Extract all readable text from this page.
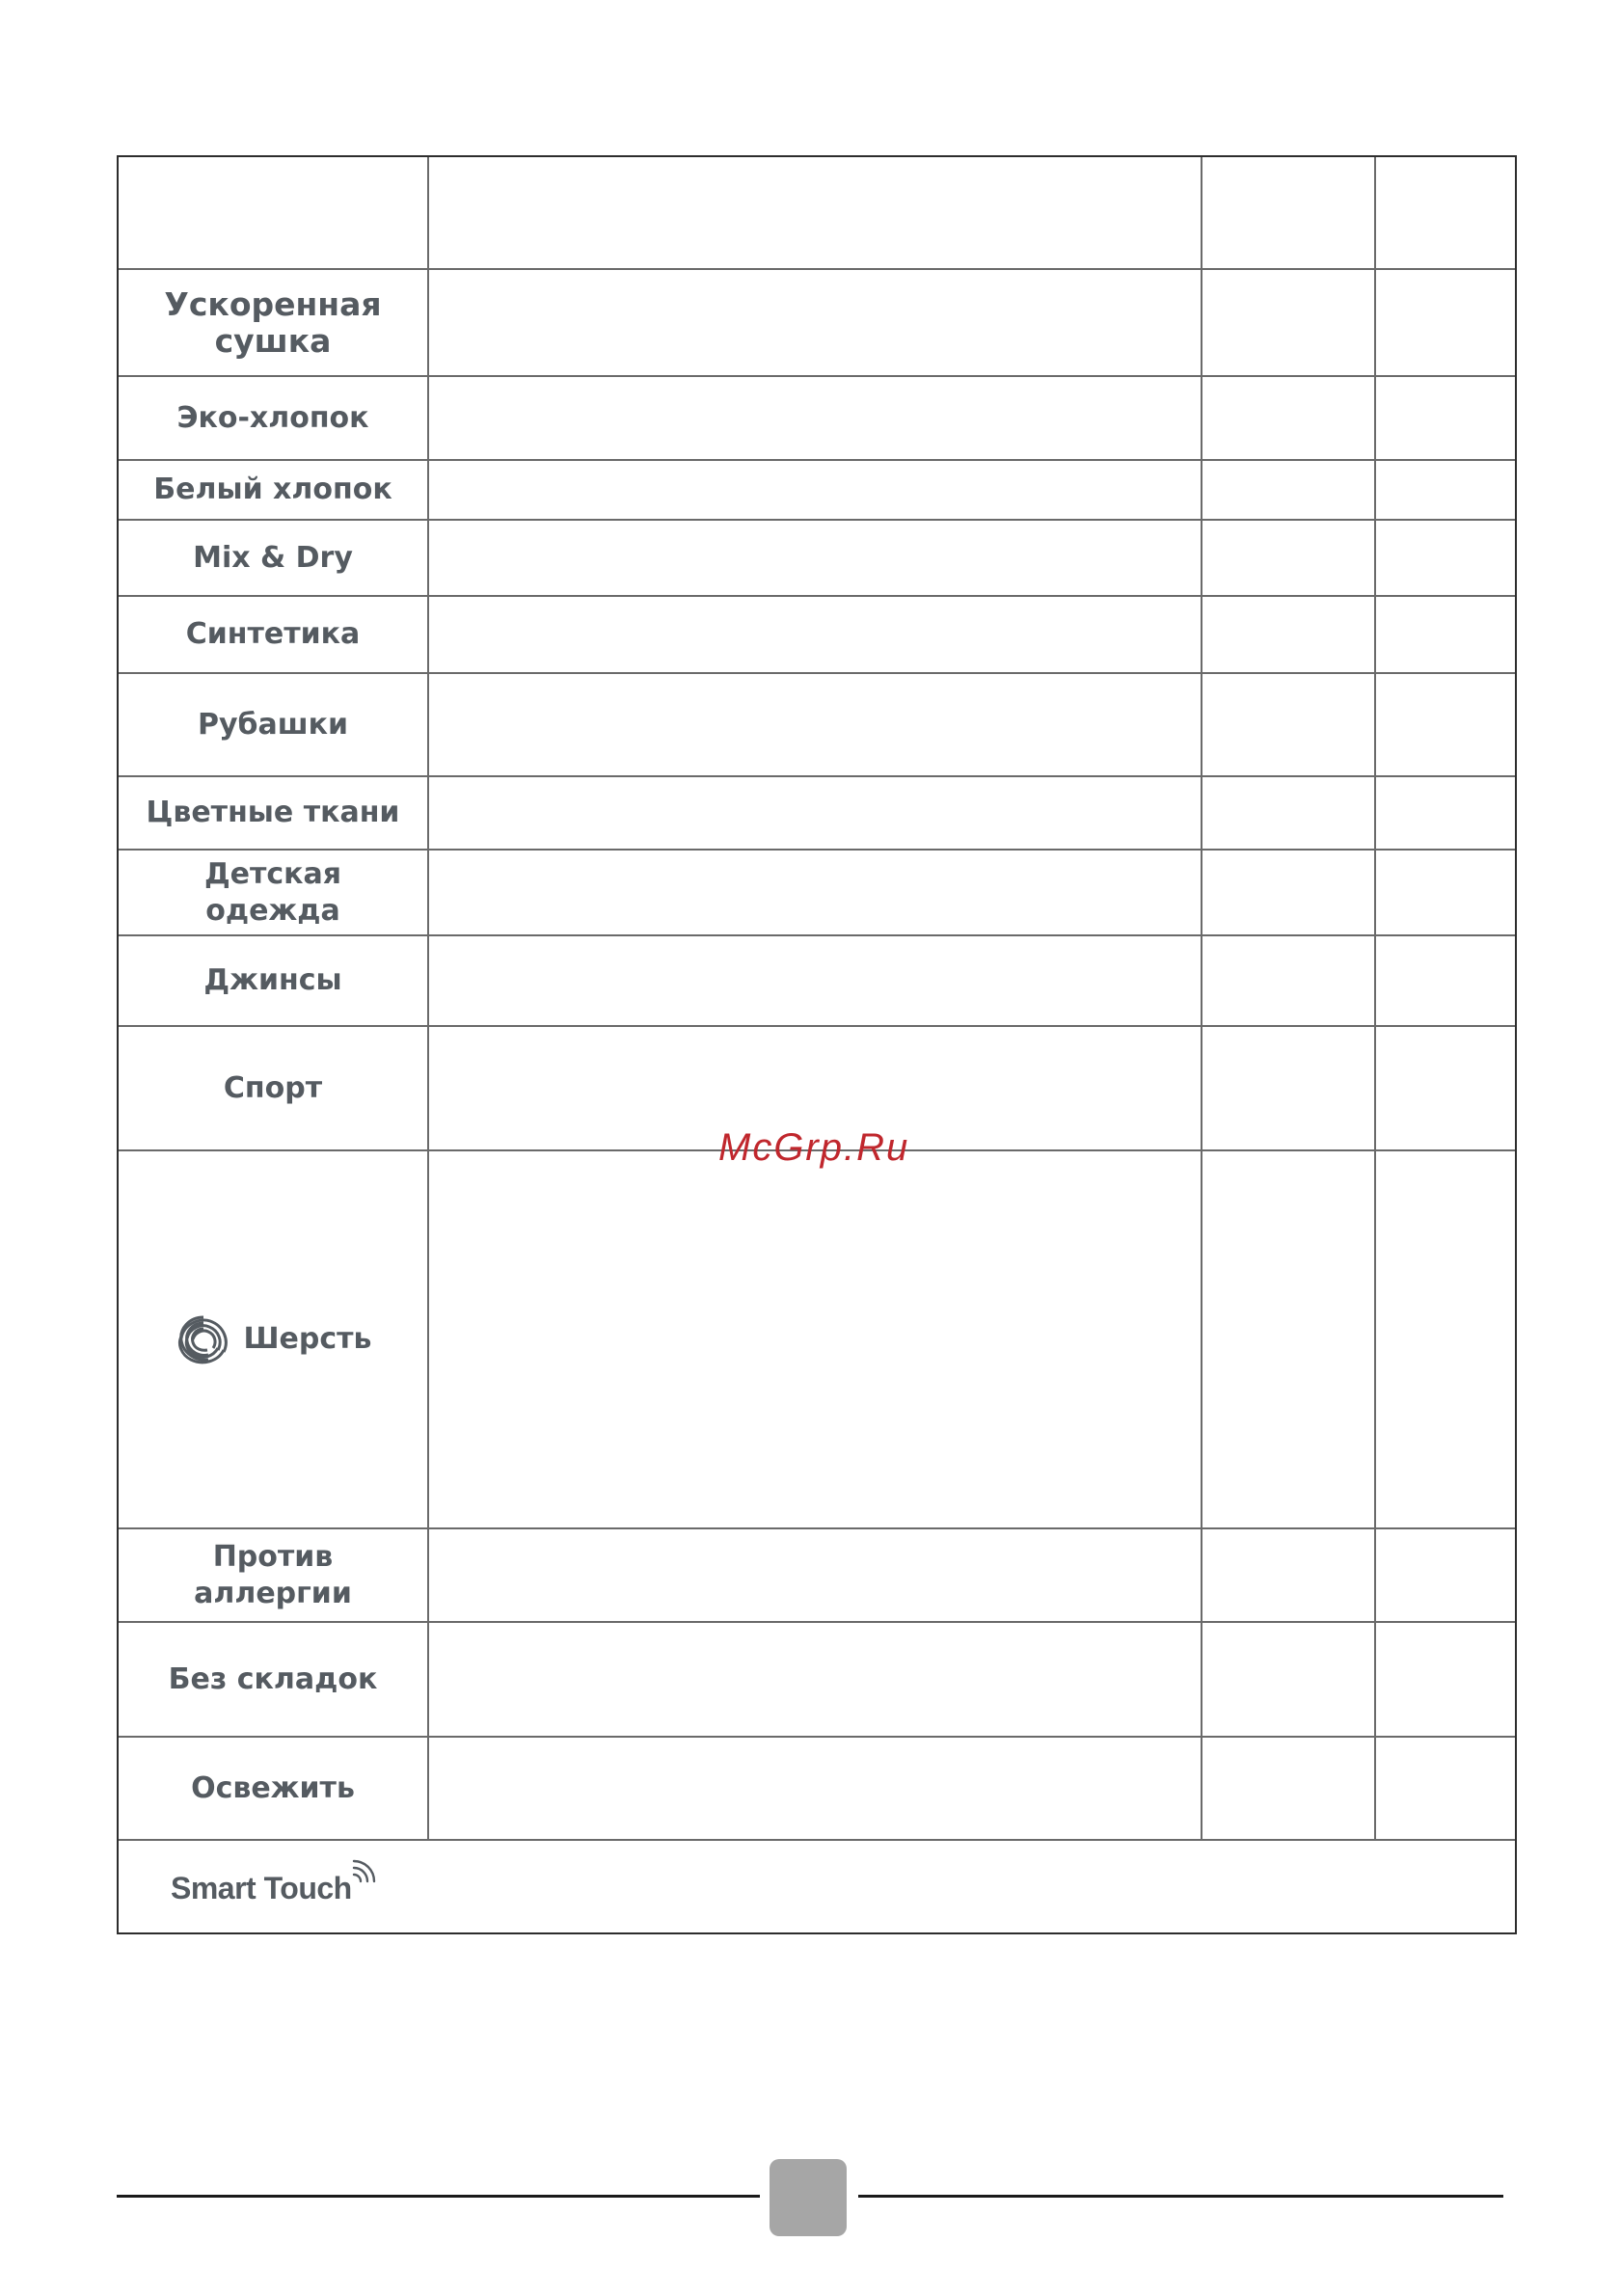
Ускоренная сушка
Эко-хлопок
Белый хлопок
Mix & Dry
Синтетика
Рубашки
Цветные ткани
Детская
одежда
Джинсы
Спорт
Шерсть
Против
аллергии
Без складок
Освежить
Smart Touch
McGrp.Ru
